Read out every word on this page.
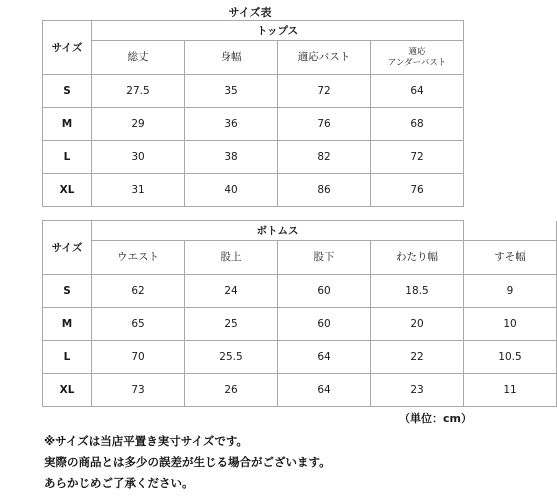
サイズ表
サイズ	トップス			
	総丈	身幅	適応バスト	適応
アンダーバスト
S	27.5	35	72	64
M	29	36	76	68
L	30	38	82	72
XL	31	40	86	76
サイズ	ボトムス				
	ウエスト	股上	股下	わたり幅	すそ幅
S	62	24	60	18.5	9
M	65	25	60	20	10
L	70	25.5	64	22	10.5
XL	73	26	64	23	11
（単位：cm）
※サイズは当店平置き実寸サイズです。
実際の商品とは多少の誤差が生じる場合がございます。
あらかじめご了承ください。
